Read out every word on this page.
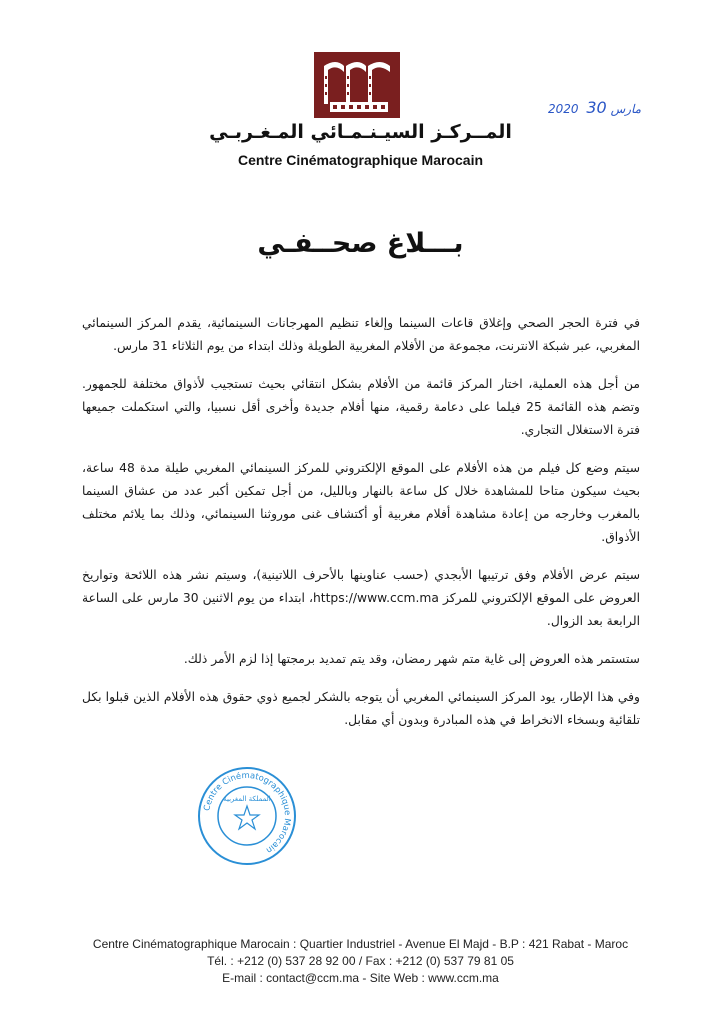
2020	مارس 30
المــركـز السيـنـمـائي المـغـربـي
Centre Cinématographique Marocain
بـــلاغ صحــفـي

في فترة الحجر الصحي وإغلاق قاعات السينما وإلغاء تنظيم المهرجانات السينمائية، يقدم المركز السينمائي المغربي، عبر شبكة الانترنت، مجموعة من الأفلام المغربية الطويلة وذلك ابتداء من يوم الثلاثاء 31 مارس.

من أجل هذه العملية، اختار المركز قائمة من الأفلام بشكل انتقائي بحيث تستجيب لأذواق مختلفة للجمهور. وتضم هذه القائمة 25 فيلما على دعامة رقمية، منها أفلام جديدة وأخرى أقل نسبيا، والتي استكملت جميعها فترة الاستغلال التجاري.

سيتم وضع كل فيلم من هذه الأفلام على الموقع الإلكتروني للمركز السينمائي المغربي طيلة مدة 48 ساعة، بحيث سيكون متاحا للمشاهدة خلال كل ساعة بالنهار وبالليل، من أجل تمكين أكبر عدد من عشاق السينما بالمغرب وخارجه من إعادة مشاهدة أفلام مغربية أو أكتشاف غنى موروثنا السينمائي، وذلك بما يلائم مختلف الأذواق.

سيتم عرض الأفلام وفق ترتيبها الأبجدي (حسب عناوينها بالأحرف اللاتينية)، وسيتم نشر هذه اللائحة وتواريخ العروض على الموقع الإلكتروني للمركز https://www.ccm.ma، ابتداء من يوم الاثنين 30 مارس على الساعة الرابعة بعد الزوال.

ستستمر هذه العروض إلى غاية متم شهر رمضان، وقد يتم تمديد برمجتها إذا لزم الأمر ذلك.

وفي هذا الإطار، يود المركز السينمائي المغربي أن يتوجه بالشكر لجميع ذوي حقوق هذه الأفلام الذين قبلوا بكل تلقائية وبسخاء الانخراط في هذه المبادرة وبدون أي مقابل.

Centre Cinématographique Marocain
المملكة المغربية
Centre Cinématographique Marocain : Quartier Industriel - Avenue El Majd - B.P : 421 Rabat - Maroc
Tél. : +212 (0) 537 28 92 00 / Fax : +212 (0) 537 79 81 05
E-mail : contact@ccm.ma - Site Web : www.ccm.ma
